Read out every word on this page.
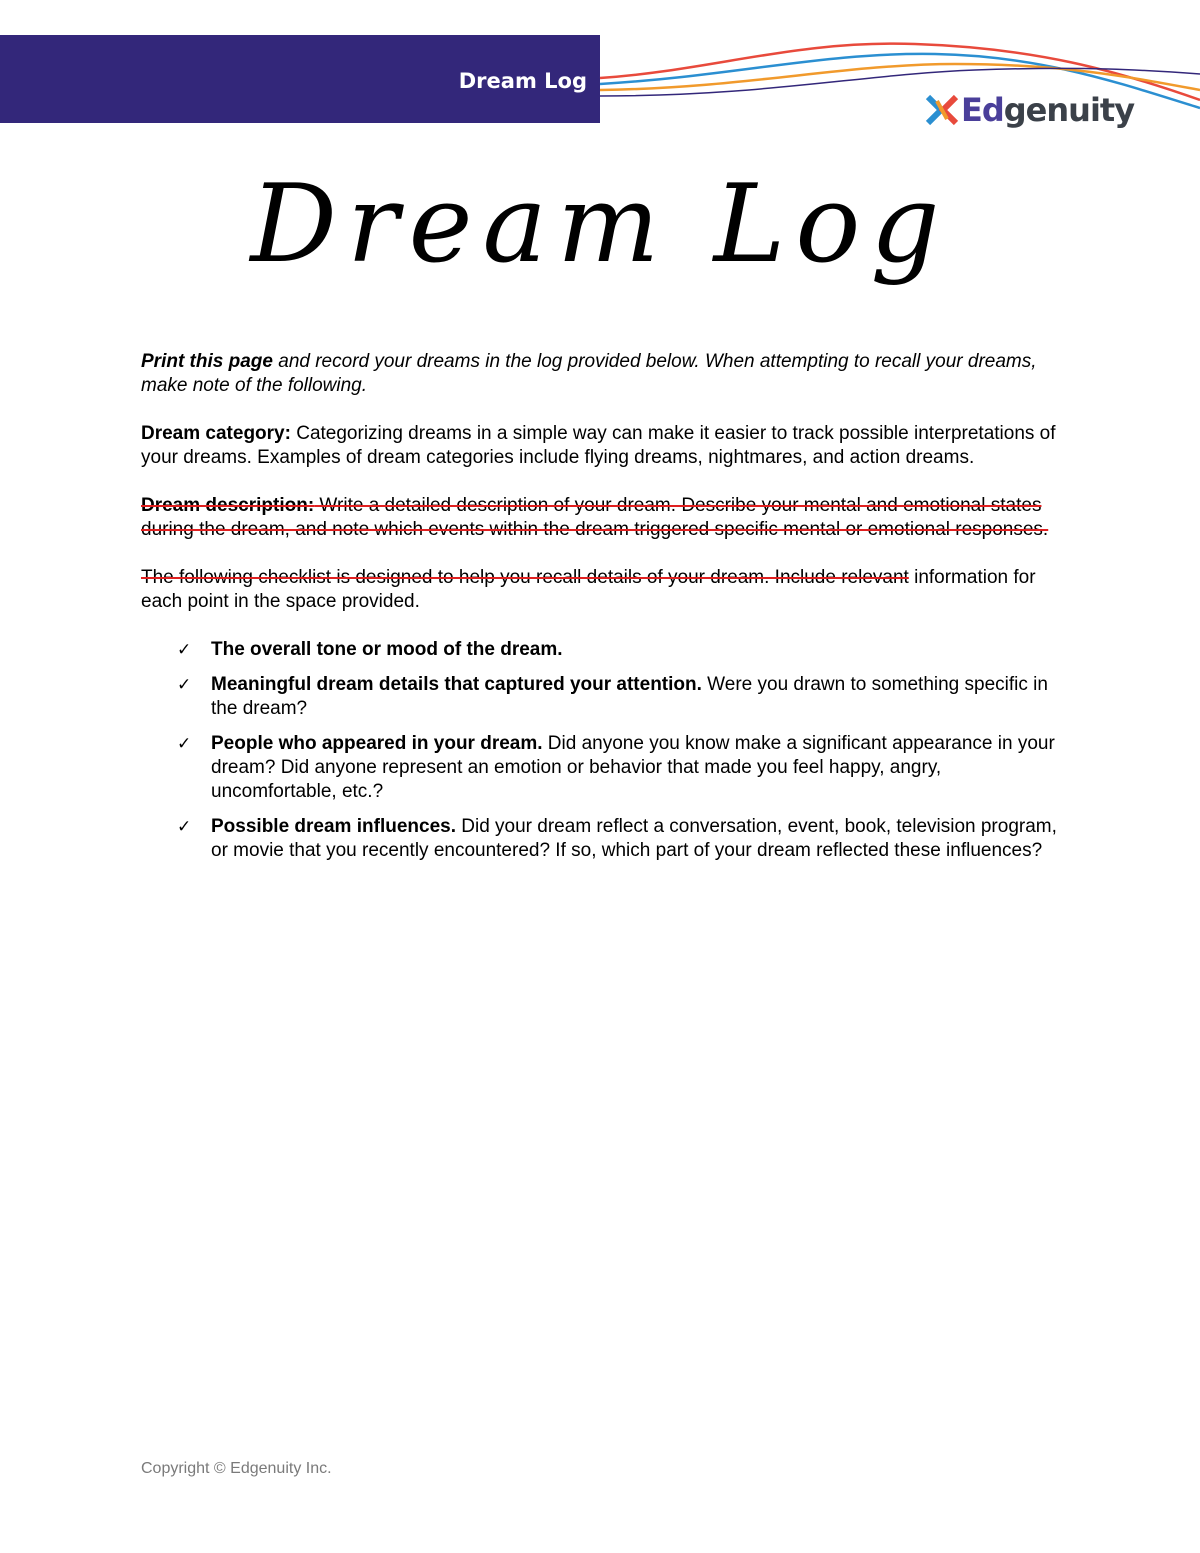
Dream Log
Edgenuity
Dream Log

Print this page and record your dreams in the log provided below. When attempting to recall your dreams, make note of the following.

Dream category: Categorizing dreams in a simple way can make it easier to track possible interpretations of your dreams. Examples of dream categories include flying dreams, nightmares, and action dreams.

Dream description: Write a detailed description of your dream. Describe your mental and emotional states during the dream, and note which events within the dream triggered specific mental or emotional responses.

The following checklist is designed to help you recall details of your dream. Include relevant information for each point in the space provided.

✓ The overall tone or mood of the dream.
✓ Meaningful dream details that captured your attention. Were you drawn to something specific in the dream?
✓ People who appeared in your dream. Did anyone you know make a significant appearance in your dream? Did anyone represent an emotion or behavior that made you feel happy, angry, uncomfortable, etc.?
✓ Possible dream influences. Did your dream reflect a conversation, event, book, television program, or movie that you recently encountered? If so, which part of your dream reflected these influences?
Copyright © Edgenuity Inc.
